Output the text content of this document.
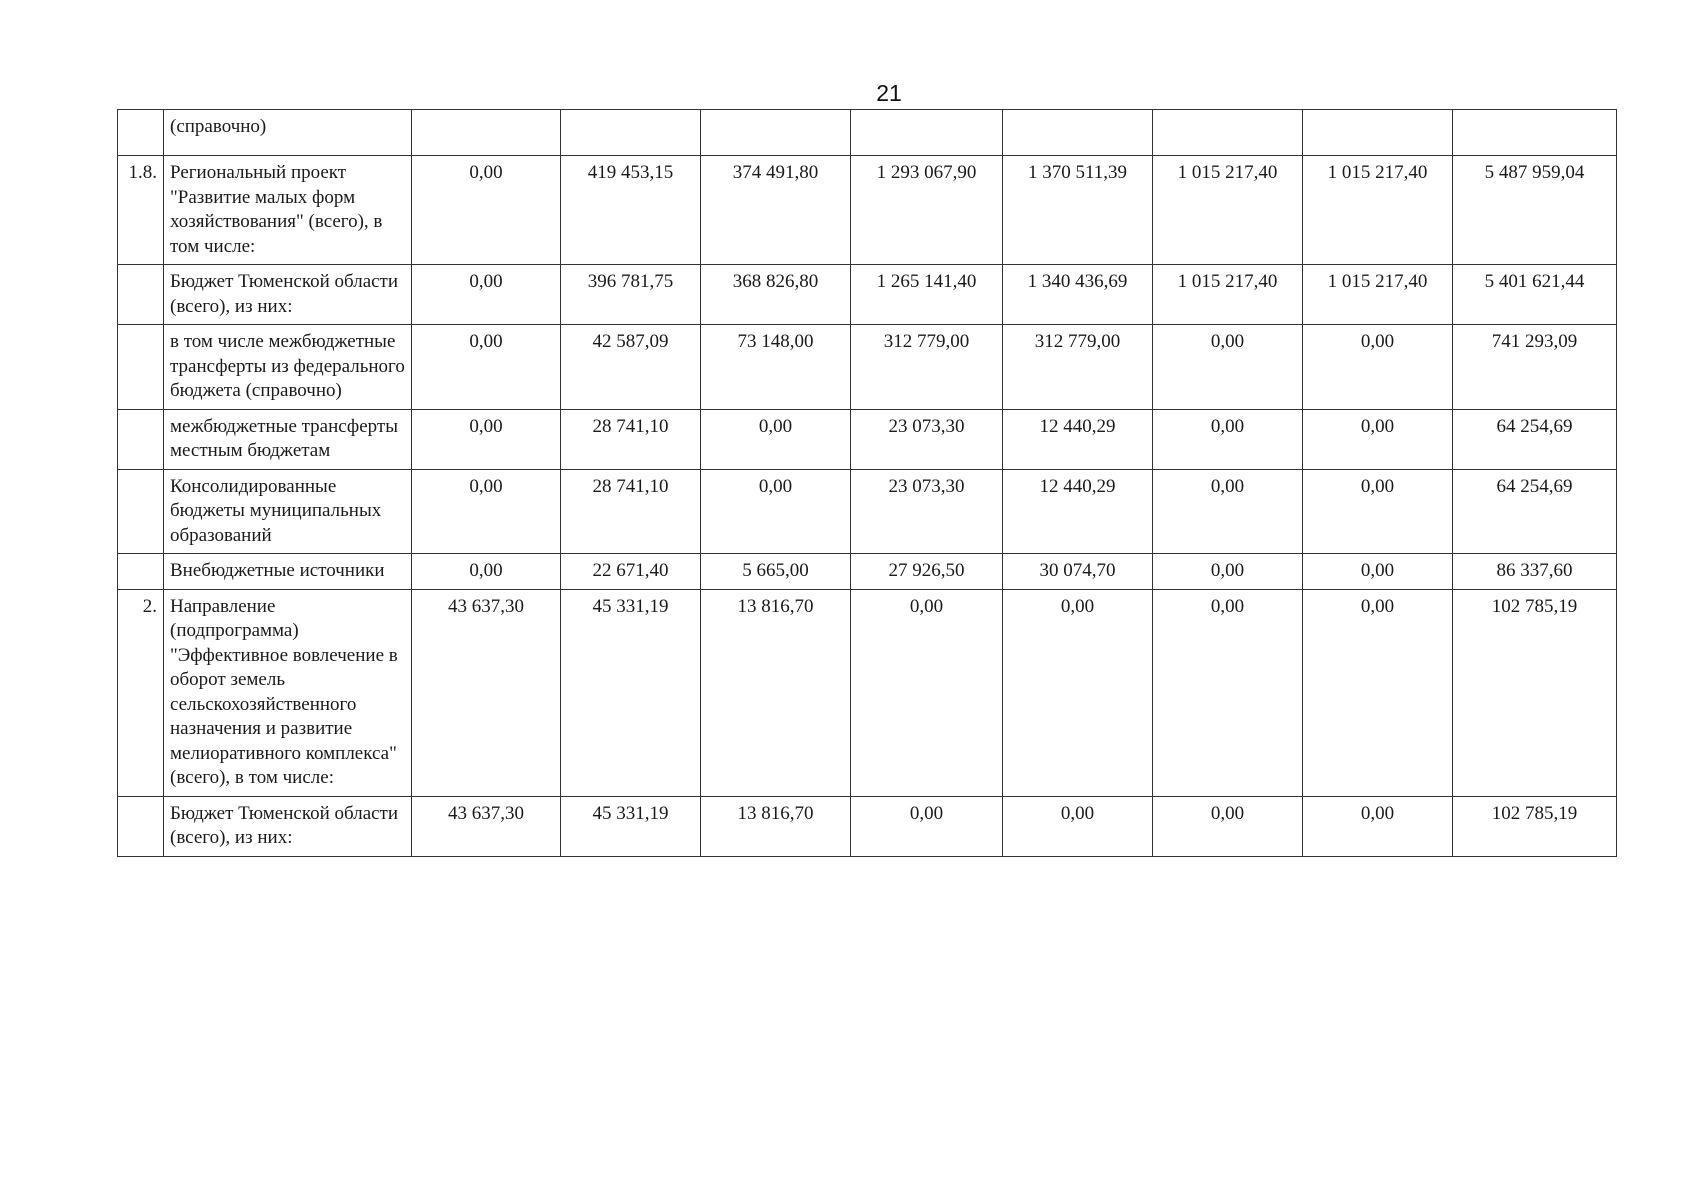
21
	(справочно)								
1.8.	Региональный проект "Развитие малых форм хозяйствования" (всего), в том числе:	0,00	419 453,15	374 491,80	1 293 067,90	1 370 511,39	1 015 217,40	1 015 217,40	5 487 959,04
	Бюджет Тюменской области (всего), из них:	0,00	396 781,75	368 826,80	1 265 141,40	1 340 436,69	1 015 217,40	1 015 217,40	5 401 621,44
	в том числе межбюджетные трансферты из федерального бюджета (справочно)	0,00	42 587,09	73 148,00	312 779,00	312 779,00	0,00	0,00	741 293,09
	межбюджетные трансферты местным бюджетам	0,00	28 741,10	0,00	23 073,30	12 440,29	0,00	0,00	64 254,69
	Консолидированные бюджеты муниципальных образований	0,00	28 741,10	0,00	23 073,30	12 440,29	0,00	0,00	64 254,69
	Внебюджетные источники	0,00	22 671,40	5 665,00	27 926,50	30 074,70	0,00	0,00	86 337,60
2.	Направление (подпрограмма) "Эффективное вовлечение в оборот земель сельскохозяйственного назначения и развитие мелиоративного комплекса" (всего), в том числе:	43 637,30	45 331,19	13 816,70	0,00	0,00	0,00	0,00	102 785,19
	Бюджет Тюменской области (всего), из них:	43 637,30	45 331,19	13 816,70	0,00	0,00	0,00	0,00	102 785,19
